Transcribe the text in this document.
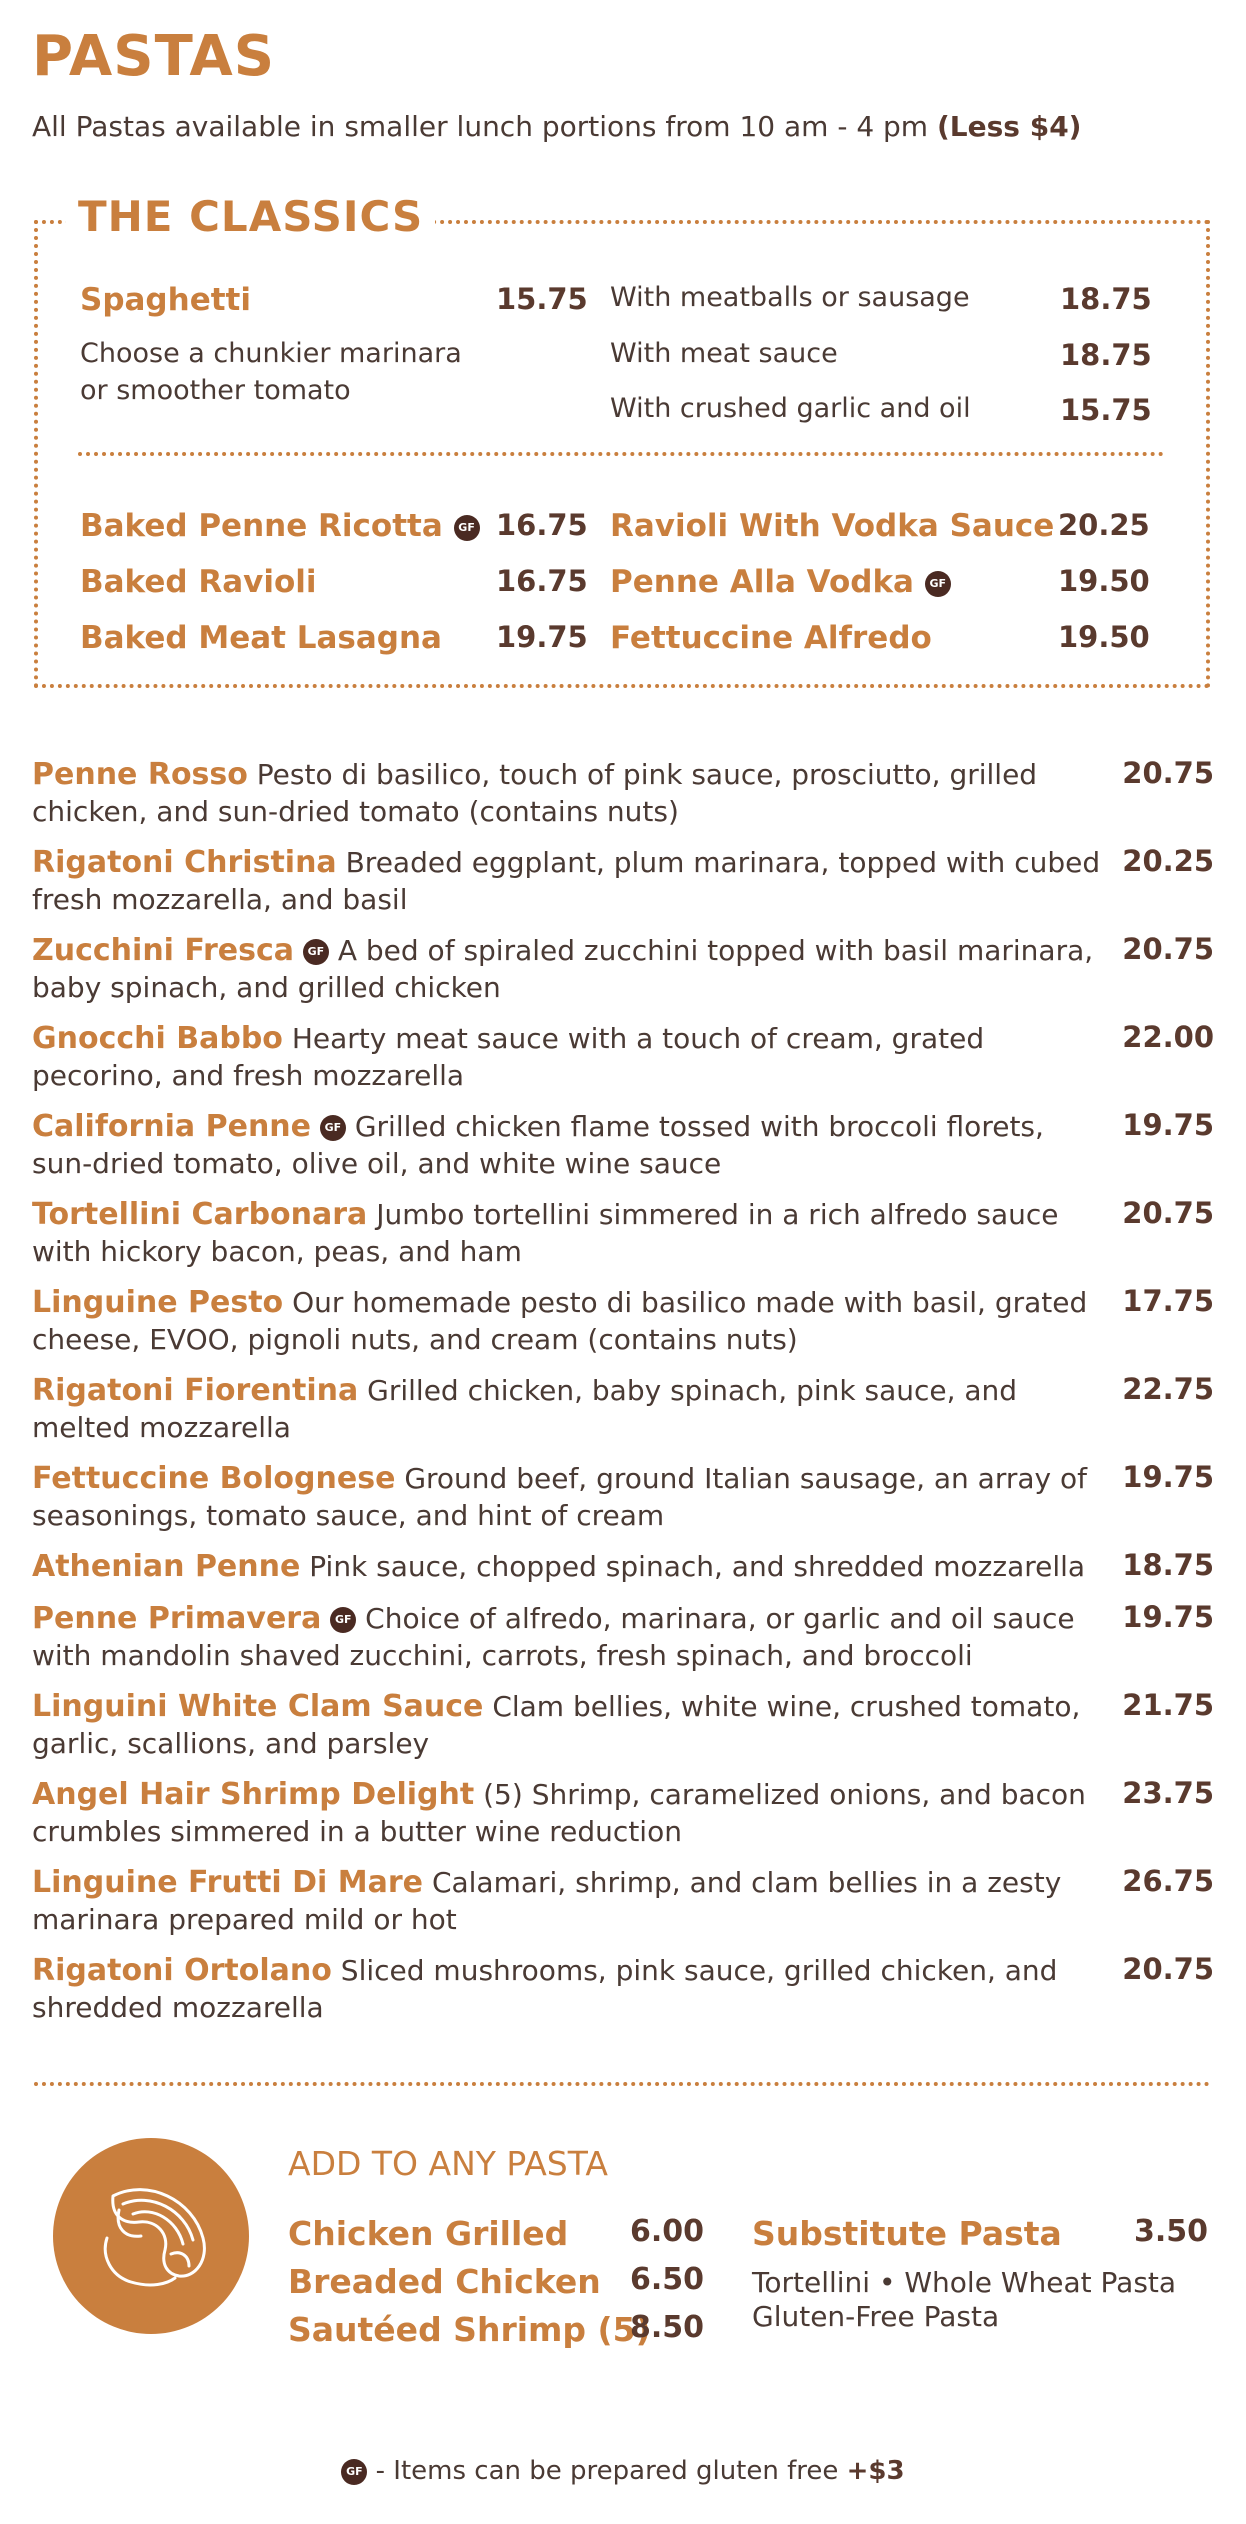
PASTAS
All Pastas available in smaller lunch portions from 10 am - 4 pm (Less $4)
THE CLASSICS
Spaghetti	15.75
Choose a chunkier marinara
or smoother tomato
With meatballs or sausage	18.75
With meat sauce	18.75
With crushed garlic and oil	15.75
Baked Penne Ricotta GF 16.75
Baked Ravioli	16.75
Baked Meat Lasagna 19.75
Ravioli With Vodka Sauce 20.25
Penne Alla Vodka GF	19.50
Fettuccine Alfredo	19.50
Penne Rosso Pesto di basilico, touch of pink sauce, prosciutto, grilled chicken, and sun-dried tomato (contains nuts)
20.75
Rigatoni Christina Breaded eggplant, plum marinara, topped with cubed fresh mozzarella, and basil
20.25
Zucchini Fresca GF A bed of spiraled zucchini topped with basil marinara, baby spinach, and grilled chicken
20.75
Gnocchi Babbo Hearty meat sauce with a touch of cream, grated pecorino, and fresh mozzarella
22.00
California Penne GF Grilled chicken flame tossed with broccoli florets, sun-dried tomato, olive oil, and white wine sauce
19.75
Tortellini Carbonara Jumbo tortellini simmered in a rich alfredo sauce with hickory bacon, peas, and ham
20.75
Linguine Pesto Our homemade pesto di basilico made with basil, grated cheese, EVOO, pignoli nuts, and cream (contains nuts)
17.75
Rigatoni Fiorentina Grilled chicken, baby spinach, pink sauce, and melted mozzarella
22.75
Fettuccine Bolognese Ground beef, ground Italian sausage, an array of seasonings, tomato sauce, and hint of cream
19.75
Athenian Penne Pink sauce, chopped spinach, and shredded mozzarella	18.75
Penne Primavera GF Choice of alfredo, marinara, or garlic and oil sauce with mandolin shaved zucchini, carrots, fresh spinach, and broccoli
19.75
Linguini White Clam Sauce Clam bellies, white wine, crushed tomato, garlic, scallions, and parsley
21.75
Angel Hair Shrimp Delight (5) Shrimp, caramelized onions, and bacon crumbles simmered in a butter wine reduction
23.75
Linguine Frutti Di Mare Calamari, shrimp, and clam bellies in a zesty marinara prepared mild or hot
26.75
Rigatoni Ortolano Sliced mushrooms, pink sauce, grilled chicken, and shredded mozzarella
20.75
ADD TO ANY PASTA
Chicken Grilled 6.00
Breaded Chicken 6.50
Sautéed Shrimp (5)
8.50
Substitute Pasta 3.50
Tortellini • Whole Wheat Pasta
Gluten-Free Pasta
GF - Items can be prepared gluten free +$3
